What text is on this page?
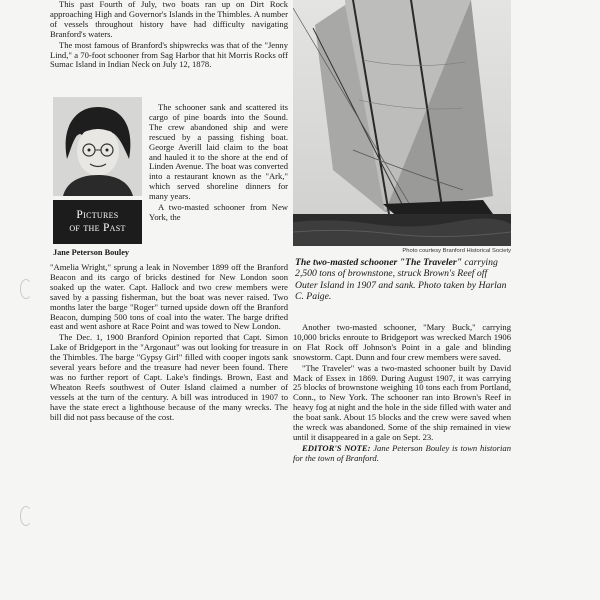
This past Fourth of July, two boats ran up on Dirt Rock approaching High and Governor's Islands in the Thimbles. A number of vessels throughout history have had difficulty navigating Branford's waters.

The most famous of Branford's shipwrecks was that of the "Jenny Lind," a 70-foot schooner from Sag Harbor that hit Morris Rocks off Sumac Island in Indian Neck on July 12, 1878.

The schooner sank and scattered its cargo of pine boards into the Sound. The crew abandoned ship and were rescued by a passing fishing boat. George Averill laid claim to the boat and hauled it to the shore at the end of Linden Avenue. The boat was converted into a restaurant known as the "Ark," which served shoreline dinners for many years.

A two-masted schooner from New York, the

Pictures
of the Past
Jane Peterson Bouley

"Amelia Wright," sprung a leak in November 1899 off the Branford Beacon and its cargo of bricks destined for New London soon soaked up the water. Capt. Hallock and two crew members were saved by a passing fisherman, but the boat was never raised. Two months later the barge "Roger" turned upside down off the Branford Beacon, dumping 500 tons of coal into the water. The barge drifted east and went ashore at Race Point and was towed to New London.

The Dec. 1, 1900 Branford Opinion reported that Capt. Simon Lake of Bridgeport in the "Argonaut" was out looking for treasure in the Thimbles. The barge "Gypsy Girl" filled with cooper ingots sank several years before and the treasure had never been found. There was no further report of Capt. Lake's findings. Brown, East and Wheaton Reefs southwest of Outer Island claimed a number of vessels at the turn of the century. A bill was introduced in 1907 to have the state erect a lighthouse because of the many wrecks. The bill did not pass because of the cost.

Photo courtesy Branford Historical Society

The two-masted schooner "The Traveler" carrying 2,500 tons of brownstone, struck Brown's Reef off Outer Island in 1907 and sank. Photo taken by Harlan C. Paige.

Another two-masted schooner, "Mary Buck," carrying 10,000 bricks enroute to Bridgeport was wrecked March 1906 on Flat Rock off Johnson's Point in a gale and blinding snowstorm. Capt. Dunn and four crew members were saved.

"The Traveler" was a two-masted schooner built by David Mack of Essex in 1869. During August 1907, it was carrying 25 blocks of brownstone weighing 10 tons each from Portland, Conn., to New York. The schooner ran into Brown's Reef in heavy fog at night and the hole in the side filled with water and the boat sank. About 15 blocks and the crew were saved when the wreck was abandoned. Some of the ship remained in view until it disappeared in a gale on Sept. 23.

EDITOR'S NOTE: Jane Peterson Bouley is town historian for the town of Branford.
